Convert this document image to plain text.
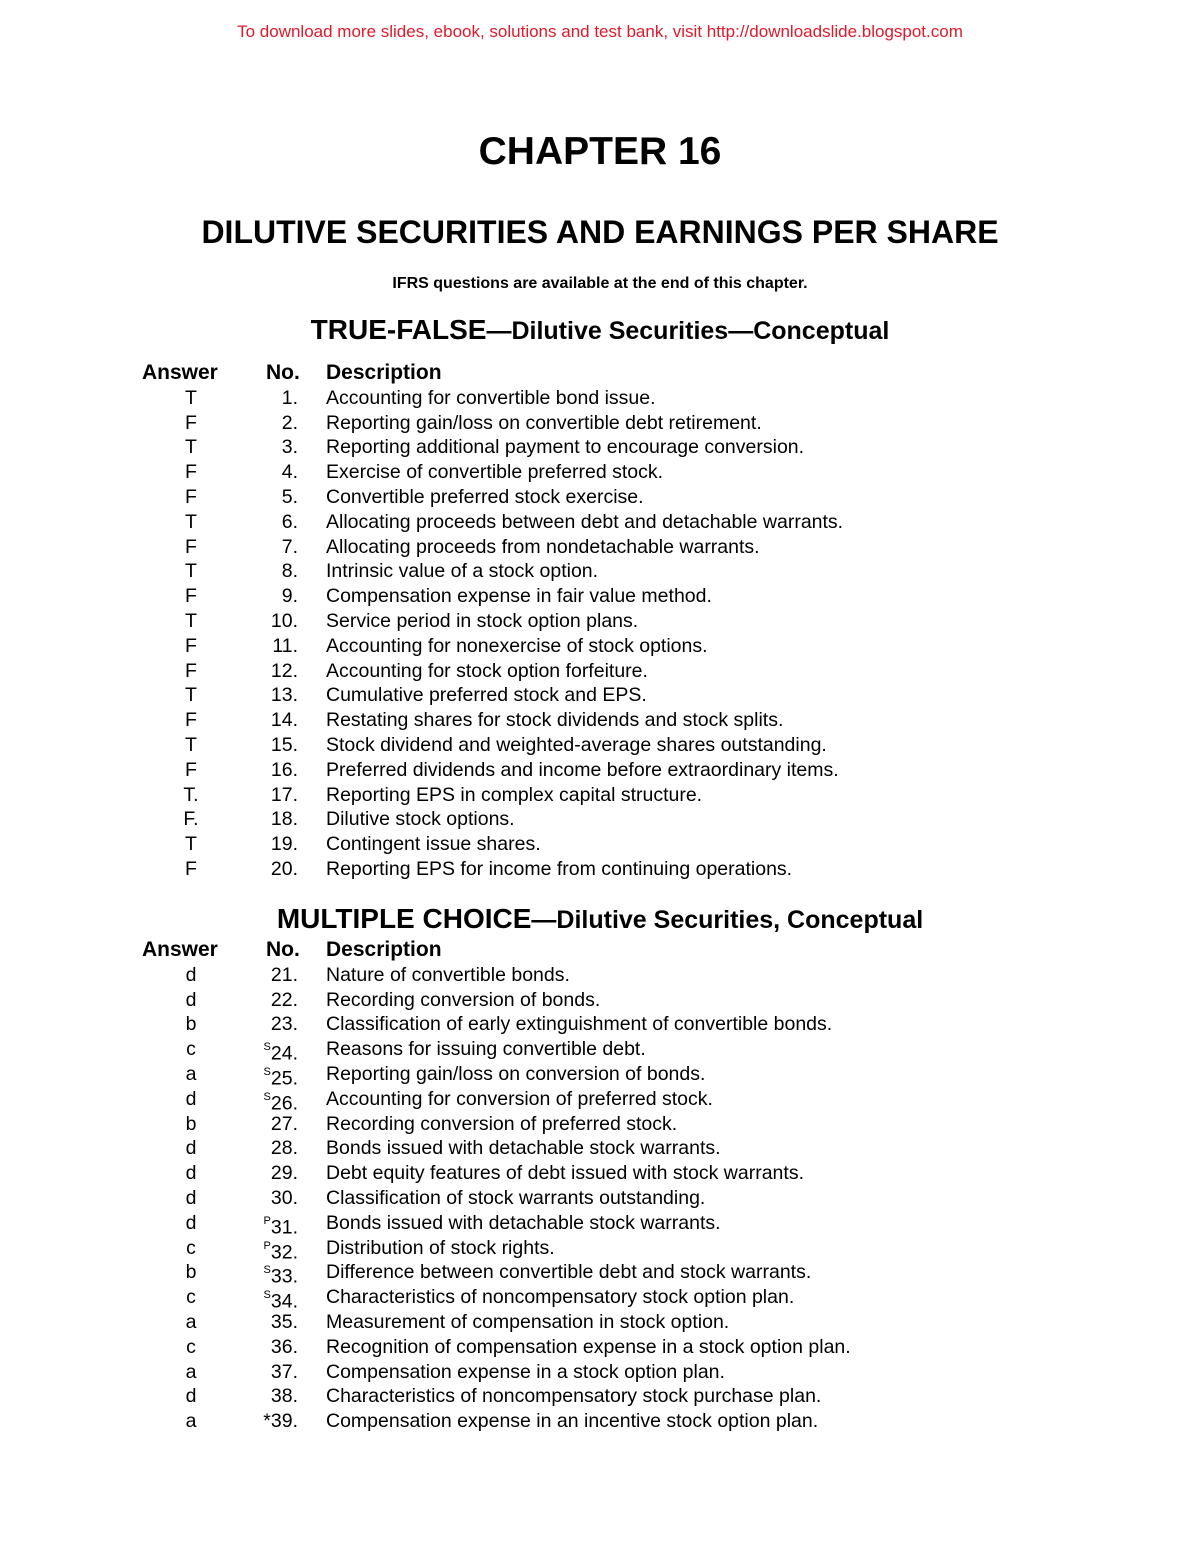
To download more slides, ebook, solutions and test bank, visit http://downloadslide.blogspot.com
CHAPTER 16
DILUTIVE SECURITIES AND EARNINGS PER SHARE
IFRS questions are available at the end of this chapter.
TRUE-FALSE—Dilutive Securities—Conceptual
Answer	No.	Description
T	1. Accounting for convertible bond issue.
F	2. Reporting gain/loss on convertible debt retirement.
T	3. Reporting additional payment to encourage conversion.
F	4. Exercise of convertible preferred stock.
F	5. Convertible preferred stock exercise.
T	6. Allocating proceeds between debt and detachable warrants.
F	7. Allocating proceeds from nondetachable warrants.
T	8. Intrinsic value of a stock option.
F	9. Compensation expense in fair value method.
T	10. Service period in stock option plans.
F	11. Accounting for nonexercise of stock options.
F	12. Accounting for stock option forfeiture.
T	13. Cumulative preferred stock and EPS.
F	14. Restating shares for stock dividends and stock splits.
T	15. Stock dividend and weighted-average shares outstanding.
F	16. Preferred dividends and income before extraordinary items.
T.	17. Reporting EPS in complex capital structure.
F.	18. Dilutive stock options.
T	19. Contingent issue shares.
F	20. Reporting EPS for income from continuing operations.
MULTIPLE CHOICE—Dilutive Securities, Conceptual
Answer	No.	Description
d	21. Nature of convertible bonds.
d	22. Recording conversion of bonds.
b	23. Classification of early extinguishment of convertible bonds.
c	$^S$24. Reasons for issuing convertible debt.
a	$^S$25. Reporting gain/loss on conversion of bonds.
d	$^S$26. Accounting for conversion of preferred stock.
b	27. Recording conversion of preferred stock.
d	28. Bonds issued with detachable stock warrants.
d	29. Debt equity features of debt issued with stock warrants.
d	30. Classification of stock warrants outstanding.
d	$^P$31. Bonds issued with detachable stock warrants.
c	$^P$32. Distribution of stock rights.
b	$^S$33. Difference between convertible debt and stock warrants.
c	$^S$34. Characteristics of noncompensatory stock option plan.
a	35. Measurement of compensation in stock option.
c	36. Recognition of compensation expense in a stock option plan.
a	37. Compensation expense in a stock option plan.
d	38. Characteristics of noncompensatory stock purchase plan.
a	*39. Compensation expense in an incentive stock option plan.
